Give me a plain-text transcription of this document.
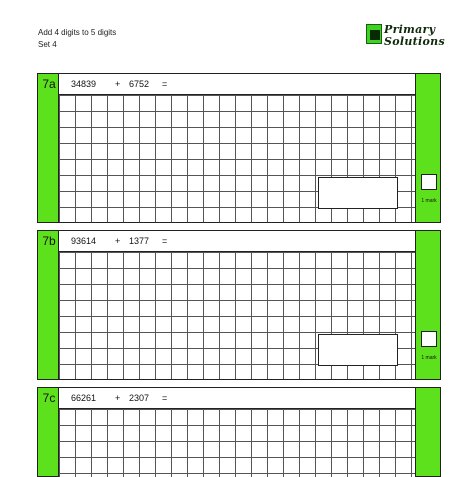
Add 4 digits to 5 digits
Set 4
Primary
Solutions
7a	34839 + 6752 =
1 mark
7b	93614 + 1377 =
1 mark
7c	66261 + 2307 =
